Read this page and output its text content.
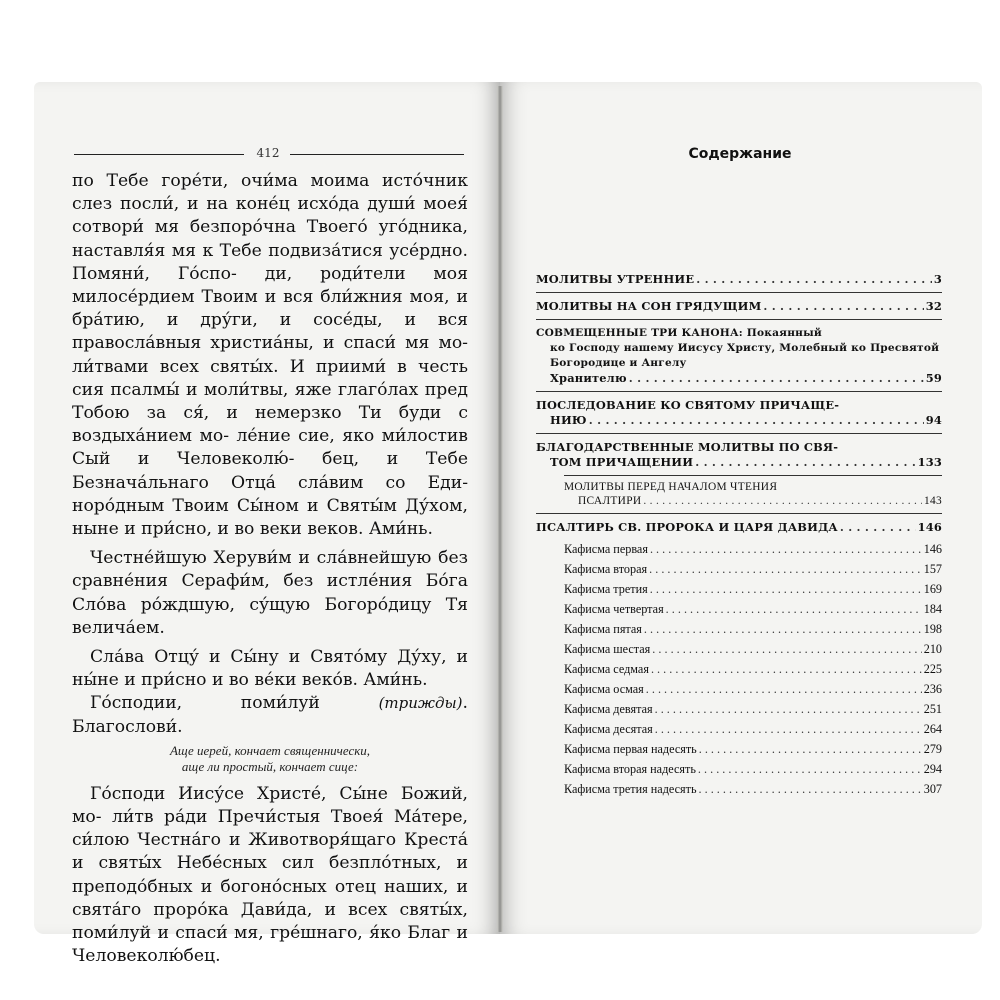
412

по Тебе горе́ти, очи́ма моима исто́чник слез посли́, и на коне́ц исхо́да души́ моея́ сотвори́ мя безпоро́чна Твоего́ уго́дника, наставля́я мя к Тебе подвиза́тися усе́рдно. Помяни́, Го́спо- ди, роди́тели моя милосе́рдием Твоим и вся бли́жния моя, и бра́тию, и дру́ги, и сосе́ды, и вся правосла́вныя христиа́ны, и спаси́ мя мо- ли́твами всех святы́х. И приими́ в честь сия псалмы́ и моли́твы, яже глаго́лах пред Тобою за ся́, и немерзко Ти буди с воздыха́нием мо- ле́ние сие, яко ми́лостив Сый и Человеколю́- бец, и Тебе Безнача́льнаго Отца́ сла́вим со Еди- норо́дным Твоим Сы́ном и Святы́м Ду́хом, ныне и при́сно, и во веки веков. Ами́нь.

Честне́йшую Херуви́м и сла́внейшую без сравне́ния Серафи́м, без истле́ния Бо́га Сло́ва ро́ждшую, су́щую Богоро́дицу Тя велича́ем.

Сла́ва Отцу́ и Сы́ну и Свято́му Ду́ху, и ны́не и при́сно и во ве́ки веко́в. Ами́нь.

Го́сподии, поми́луй	(трижды). Благослови́.

Аще иерей, кончает священнически,
аще ли простый, кончает сице:

Го́споди Иису́се Христе́, Сы́не Божий, мо- ли́тв ра́ди Пречи́стыя Твоея́ Ма́тере, си́лою Честна́го и Животворя́щаго Креста́ и святы́х Небе́сных сил безпло́тных, и преподо́бных и богоно́сных отец наших, и свята́го проро́ка Дави́да, и всех святы́х, поми́луй и спаси́ мя, гре́шнаго, я́ко Благ и Человеколю́бец.

Содержание
МОЛИТВЫ УТРЕННИЕ . . .	3
МОЛИТВЫ НА СОН ГРЯДУЩИМ . . .	32
СОВМЕЩЕННЫЕ ТРИ КАНОНА: Покаянный
ко Господу нашему Иисусу Христу, Молебный ко Пресвятой Богородице и Ангелу
Хранителю . . .	59
ПОСЛЕДОВАНИЕ КО СВЯТОМУ ПРИЧАЩЕ-
НИЮ . . .	94
БЛАГОДАРСТВЕННЫЕ МОЛИТВЫ ПО СВЯ-
ТОМ ПРИЧАЩЕНИИ . . .	133
МОЛИТВЫ ПЕРЕД НАЧАЛОМ ЧТЕНИЯ
ПСАЛТИРИ . . .	143
ПСАЛТИРЬ СВ. ПРОРОКА И ЦАРЯ ДАВИДА . . .	146
Кафисма первая . . .	146
Кафисма вторая . . .	157
Кафисма третия . . .	169
Кафисма четвертая . . .	184
Кафисма пятая . . .	198
Кафисма шестая . . .	210
Кафисма седмая . . .	225
Кафисма осмая . . .	236
Кафисма девятая . . .	251
Кафисма десятая . . .	264
Кафисма первая надесять . . .	279
Кафисма вторая надесять . . .	294
Кафисма третия надесять . . .	307
